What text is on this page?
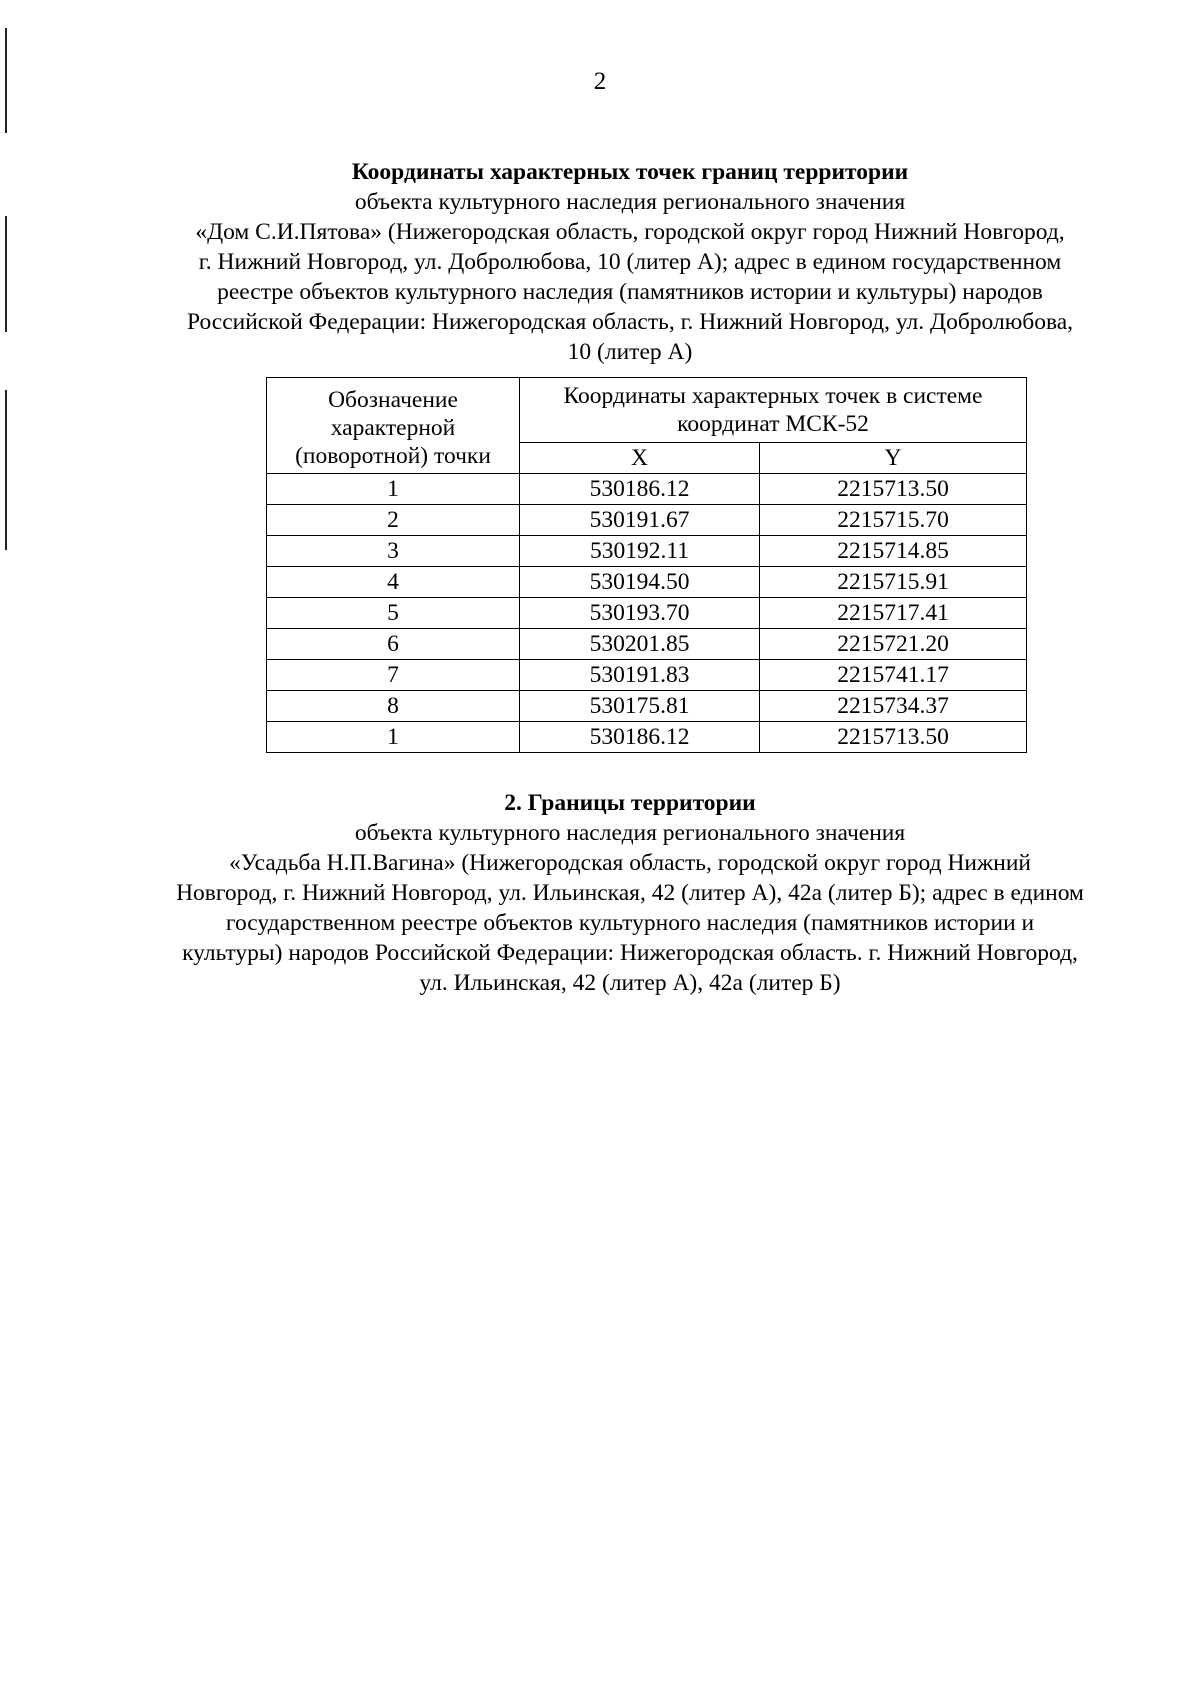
2
Координаты характерных точек границ территории
объекта культурного наследия регионального значения
«Дом С.И.Пятова» (Нижегородская область, городской округ город Нижний Новгород,
г. Нижний Новгород, ул. Добролюбова, 10 (литер А); адрес в едином государственном
реестре объектов культурного наследия (памятников истории и культуры) народов
Российской Федерации: Нижегородская область, г. Нижний Новгород, ул. Добролюбова,
10 (литер А)
Обозначение
характерной
(поворотной) точки	Координаты характерных точек в системе
координат МСК-52	

	X	Y
1	530186.12	2215713.50
2	530191.67	2215715.70
3	530192.11	2215714.85
4	530194.50	2215715.91
5	530193.70	2215717.41
6	530201.85	2215721.20
7	530191.83	2215741.17
8	530175.81	2215734.37
1	530186.12	2215713.50
2. Границы территории
объекта культурного наследия регионального значения
«Усадьба Н.П.Вагина» (Нижегородская область, городской округ город Нижний
Новгород, г. Нижний Новгород, ул. Ильинская, 42 (литер А), 42а (литер Б); адрес в едином
государственном реестре объектов культурного наследия (памятников истории и
культуры) народов Российской Федерации: Нижегородская область. г. Нижний Новгород,
ул. Ильинская, 42 (литер А), 42а (литер Б)
